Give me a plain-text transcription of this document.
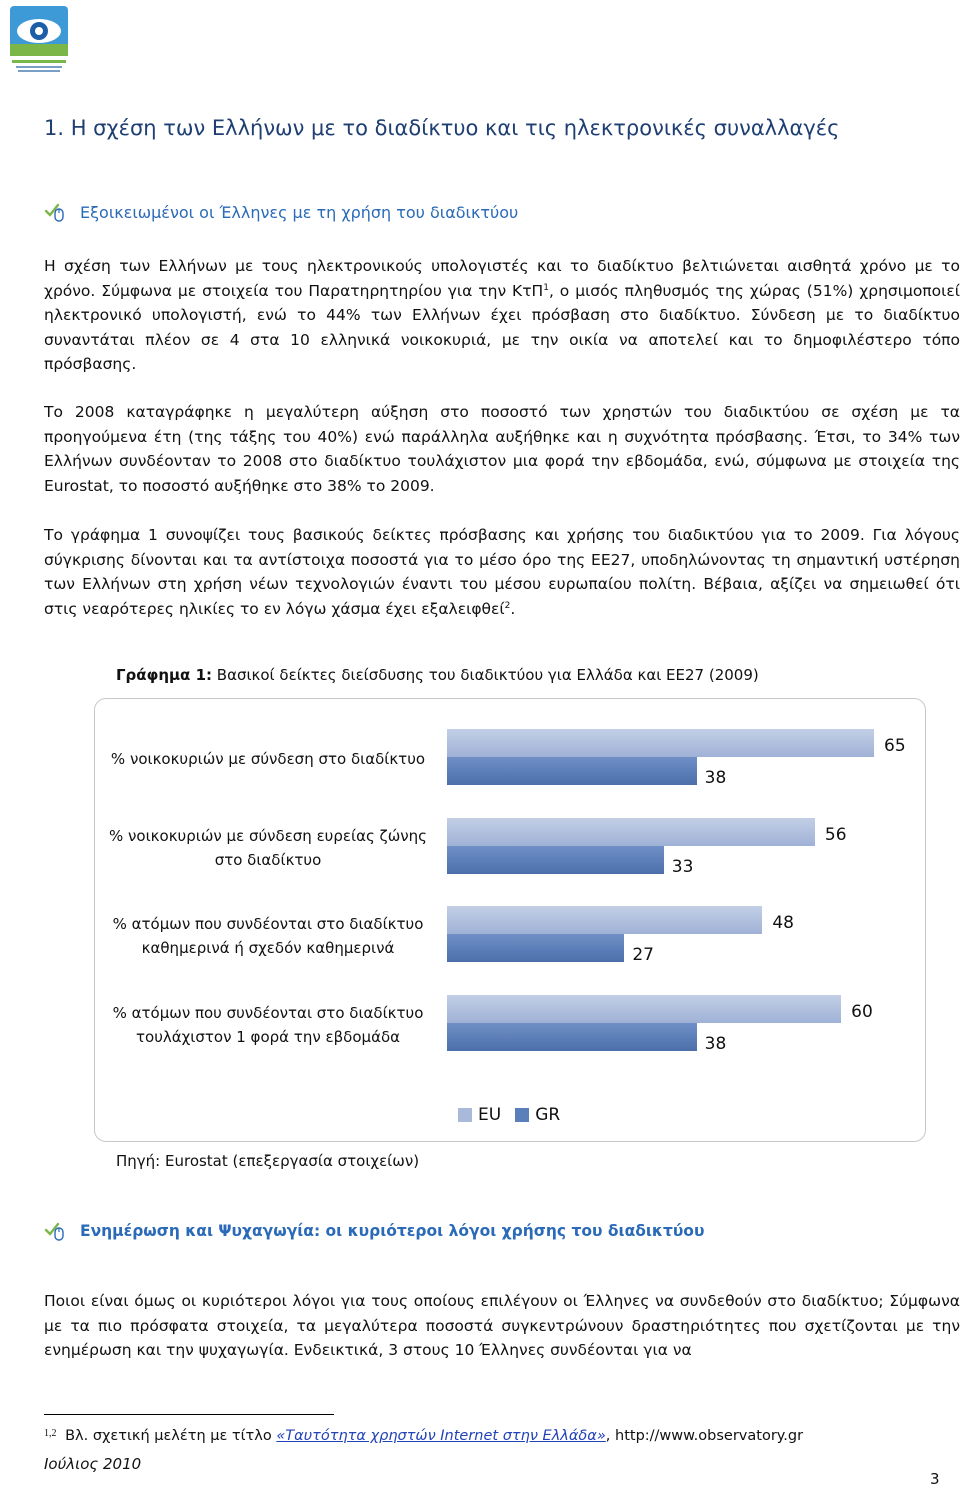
1. Η σχέση των Ελλήνων με το διαδίκτυο και τις ηλεκτρονικές συναλλαγές
Εξοικειωμένοι οι Έλληνες με τη χρήση του διαδικτύου

Η σχέση των Ελλήνων με τους ηλεκτρονικούς υπολογιστές και το διαδίκτυο βελτιώνεται αισθητά χρόνο με το χρόνο. Σύμφωνα με στοιχεία του Παρατηρητηρίου για την ΚτΠ$^1$, ο μισός πληθυσμός της χώρας (51%) χρησιμοποιεί ηλεκτρονικό υπολογιστή, ενώ το 44% των Ελλήνων έχει πρόσβαση στο διαδίκτυο. Σύνδεση με το διαδίκτυο συναντάται πλέον σε 4 στα 10 ελληνικά νοικοκυριά, με την οικία να αποτελεί και το δημοφιλέστερο τόπο πρόσβασης.

Το 2008 καταγράφηκε η μεγαλύτερη αύξηση στο ποσοστό των χρηστών του διαδικτύου σε σχέση με τα προηγούμενα έτη (της τάξης του 40%) ενώ παράλληλα αυξήθηκε και η συχνότητα πρόσβασης. Έτσι, το 34% των Ελλήνων συνδέονταν το 2008 στο διαδίκτυο τουλάχιστον μια φορά την εβδομάδα, ενώ, σύμφωνα με στοιχεία της Eurostat, το ποσοστό αυξήθηκε στο 38% το 2009.

Το γράφημα 1 συνοψίζει τους βασικούς δείκτες πρόσβασης και χρήσης του διαδικτύου για το 2009. Για λόγους σύγκρισης δίνονται και τα αντίστοιχα ποσοστά για το μέσο όρο της ΕΕ27, υποδηλώνοντας τη σημαντική υστέρηση των Ελλήνων στη χρήση νέων τεχνολογιών έναντι του μέσου ευρωπαίου πολίτη. Βέβαια, αξίζει να σημειωθεί ότι στις νεαρότερες ηλικίες το εν λόγω χάσμα έχει εξαλειφθεί$^2$.

Γράφημα 1: Βασικοί δείκτες διείσδυσης του διαδικτύου για Ελλάδα και ΕΕ27 (2009)
65
38
% νοικοκυριών με σύνδεση στο διαδίκτυο
56
33
% νοικοκυριών με σύνδεση ευρείας ζώνης
στο διαδίκτυο
48
27
% ατόμων που συνδέονται στο διαδίκτυο
καθημερινά ή σχεδόν καθημερινά
60
38
% ατόμων που συνδέονται στο διαδίκτυο
τουλάχιστον 1 φορά την εβδομάδα
EU GR
Πηγή: Eurostat (επεξεργασία στοιχείων)
Ενημέρωση και Ψυχαγωγία: οι κυριότεροι λόγοι χρήσης του διαδικτύου

Ποιοι είναι όμως οι κυριότεροι λόγοι για τους οποίους επιλέγουν οι Έλληνες να συνδεθούν στο διαδίκτυο; Σύμφωνα με τα πιο πρόσφατα στοιχεία, τα μεγαλύτερα ποσοστά συγκεντρώνουν δραστηριότητες που σχετίζονται με την ενημέρωση και την ψυχαγωγία. Ενδεικτικά, 3 στους 10 Έλληνες συνδέονται για να

$^{1,2}$ Βλ. σχετική μελέτη με τίτλο «Ταυτότητα χρηστών Internet στην Ελλάδα», http://www.observatory.gr
Ιούλιος 2010
3
